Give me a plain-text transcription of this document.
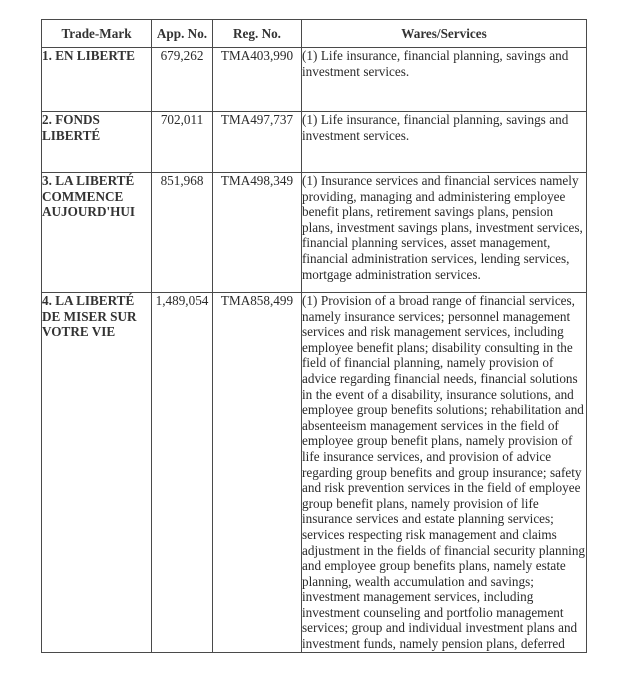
Trade-Mark	App. No.	Reg. No.	Wares/Services
1. EN LIBERTE	679,262	TMA403,990	(1) Life insurance, financial planning, savings and investment services.

2. FONDS LIBERTÉ	702,011	TMA497,737	(1) Life insurance, financial planning, savings and investment services.

3. LA LIBERTÉ COMMENCE AUJOURD'HUI	851,968	TMA498,349	(1) Insurance services and financial services namely providing, managing and administering employee benefit plans, retirement savings plans, pension plans, investment savings plans, investment services, financial planning services, asset management, financial administration services, lending services, mortgage administration services.

4. LA LIBERTÉ DE MISER SUR VOTRE VIE	1,489,054	TMA858,499	(1) Provision of a broad range of financial services, namely insurance services; personnel management services and risk management services, including employee benefit plans; disability consulting in the field of financial planning, namely provision of advice regarding financial needs, financial solutions in the event of a disability, insurance solutions, and employee group benefits solutions; rehabilitation and absenteeism management services in the field of employee group benefit plans, namely provision of life insurance services, and provision of advice regarding group benefits and group insurance; safety and risk prevention services in the field of employee group benefit plans, namely provision of life insurance services and estate planning services; services respecting risk management and claims adjustment in the fields of financial security planning and employee group benefits plans, namely estate planning, wealth accumulation and savings; investment management services, including investment counseling and portfolio management services; group and individual investment plans and investment funds, namely pension plans, deferred
